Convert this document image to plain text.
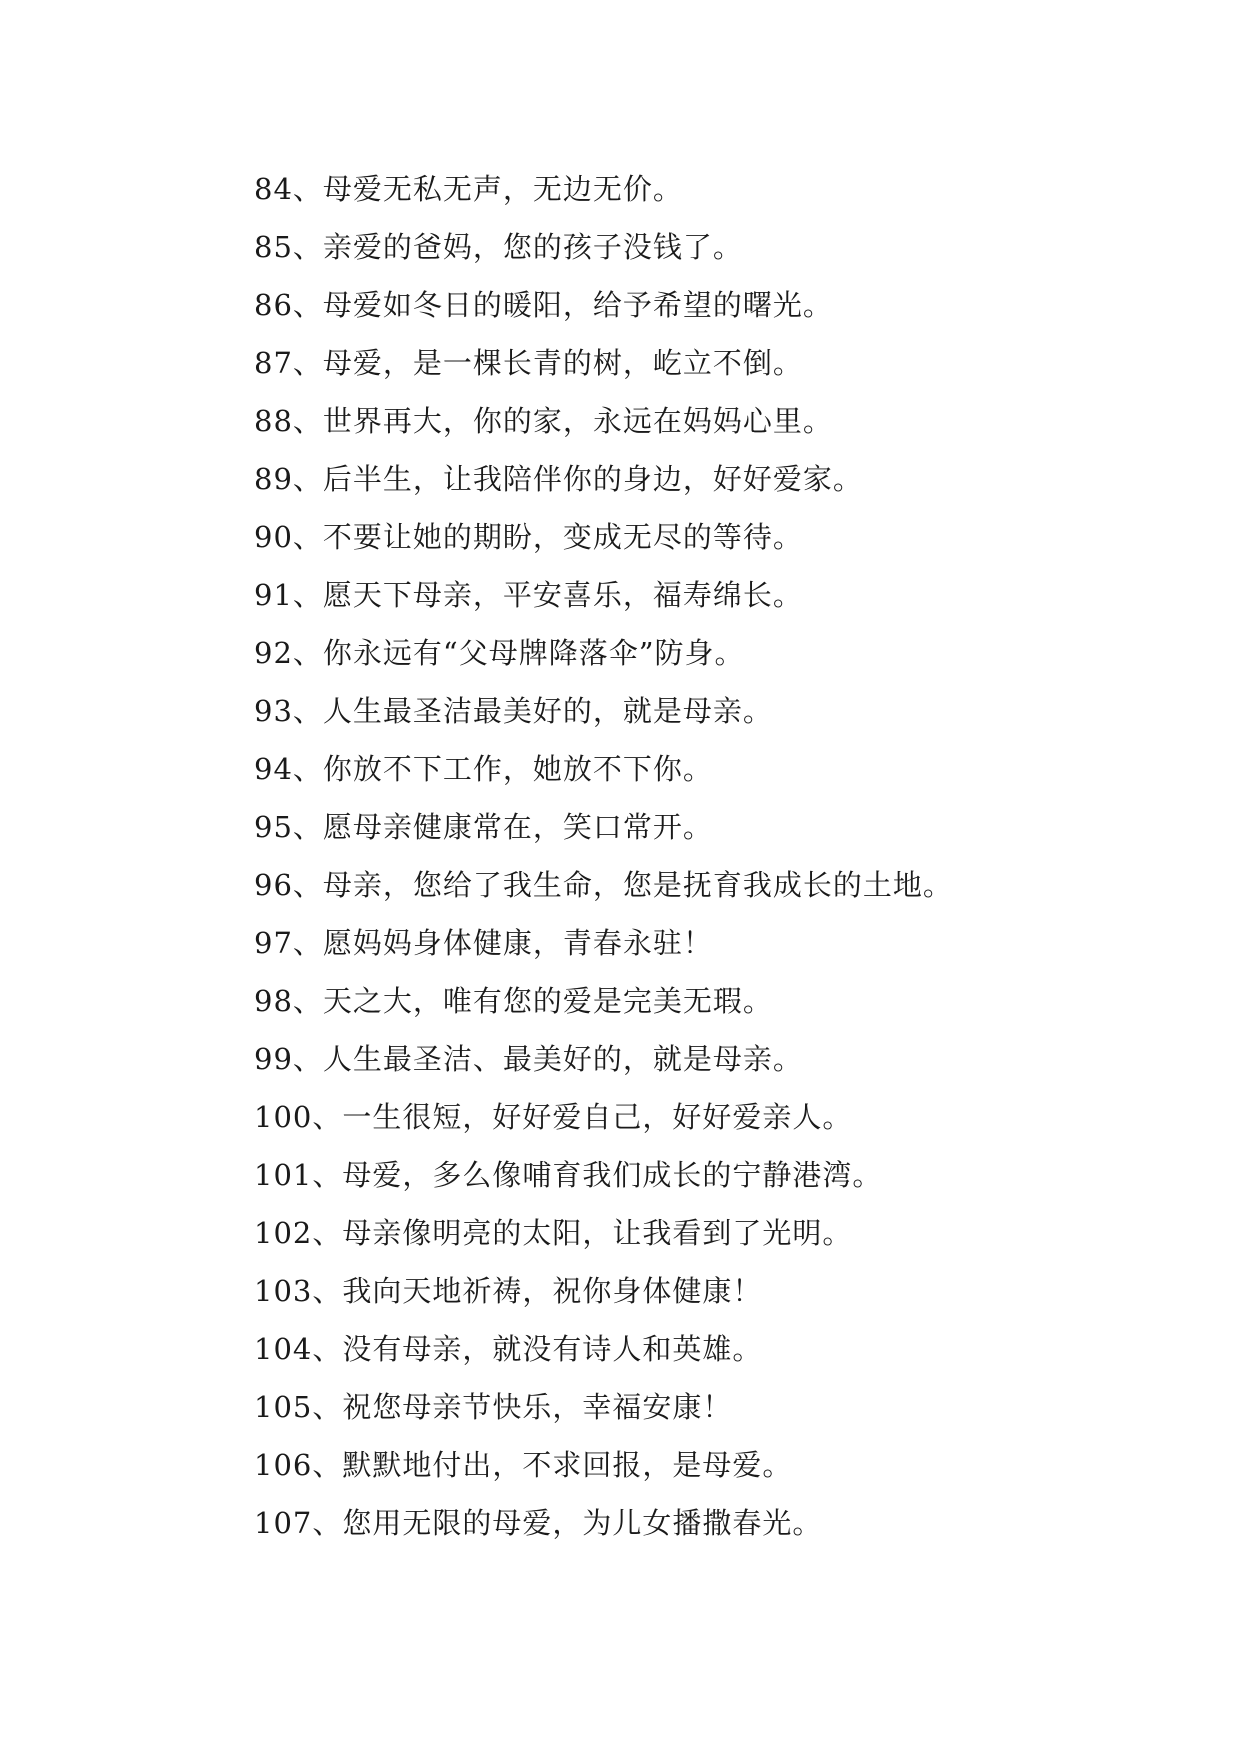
84、母爱无私无声，无边无价。
85、亲爱的爸妈，您的孩子没钱了。
86、母爱如冬日的暖阳，给予希望的曙光。
87、母爱，是一棵长青的树，屹立不倒。
88、世界再大，你的家，永远在妈妈心里。
89、后半生，让我陪伴你的身边，好好爱家。
90、不要让她的期盼，变成无尽的等待。
91、愿天下母亲，平安喜乐，福寿绵长。
92、你永远有“父母牌降落伞”防身。
93、人生最圣洁最美好的，就是母亲。
94、你放不下工作，她放不下你。
95、愿母亲健康常在，笑口常开。
96、母亲，您给了我生命，您是抚育我成长的土地。
97、愿妈妈身体健康，青春永驻！
98、天之大，唯有您的爱是完美无瑕。
99、人生最圣洁、最美好的，就是母亲。
100、一生很短，好好爱自己，好好爱亲人。
101、母爱，多么像哺育我们成长的宁静港湾。
102、母亲像明亮的太阳，让我看到了光明。
103、我向天地祈祷，祝你身体健康！
104、没有母亲，就没有诗人和英雄。
105、祝您母亲节快乐，幸福安康！
106、默默地付出，不求回报，是母爱。
107、您用无限的母爱，为儿女播撒春光。
